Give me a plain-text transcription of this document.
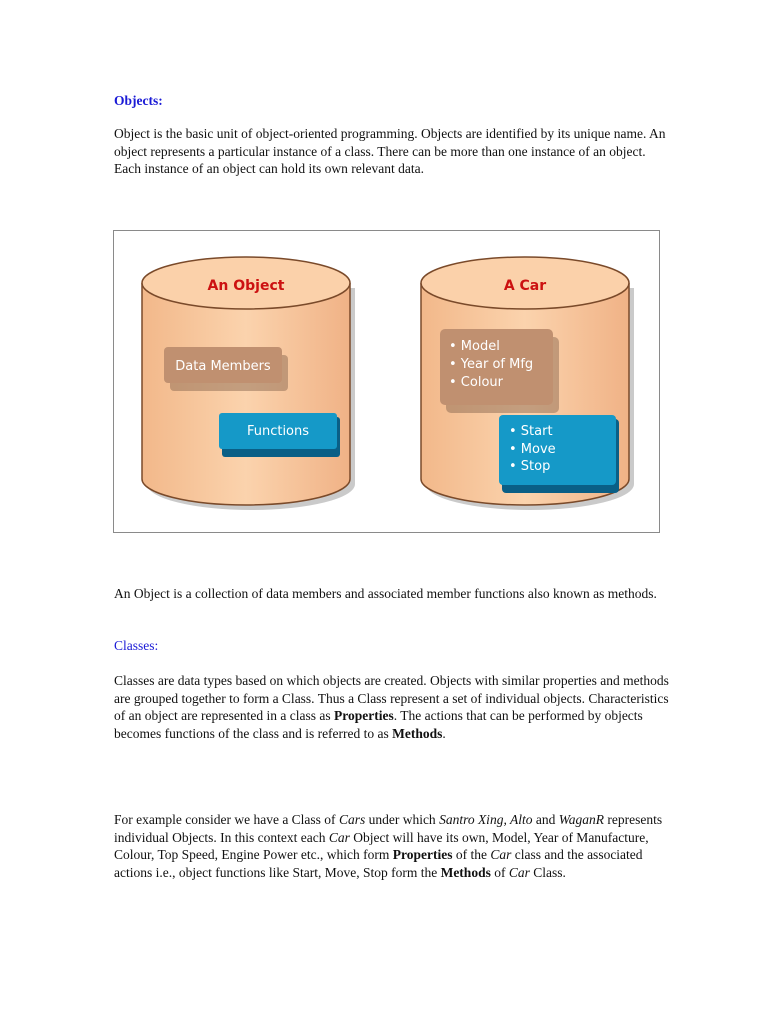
Objects:

Object is the basic unit of object-oriented programming. Objects are identified by its unique name. An object represents a particular instance of a class. There can be more than one instance of an object. Each instance of an object can hold its own relevant data.

An Object
Data Members
Functions
A Car
• Model
• Year of Mfg
• Colour
• Start
• Move
• Stop

An Object is a collection of data members and associated member functions also known as methods.

Classes:

Classes are data types based on which objects are created. Objects with similar properties and methods are grouped together to form a Class. Thus a Class represent a set of individual objects. Characteristics of an object are represented in a class as Properties. The actions that can be performed by objects becomes functions of the class and is referred to as Methods.

For example consider we have a Class of Cars under which Santro Xing, Alto and WaganR represents individual Objects. In this context each Car Object will have its own, Model, Year of Manufacture, Colour, Top Speed, Engine Power etc., which form Properties of the Car class and the associated actions i.e., object functions like Start, Move, Stop form the Methods of Car Class.
